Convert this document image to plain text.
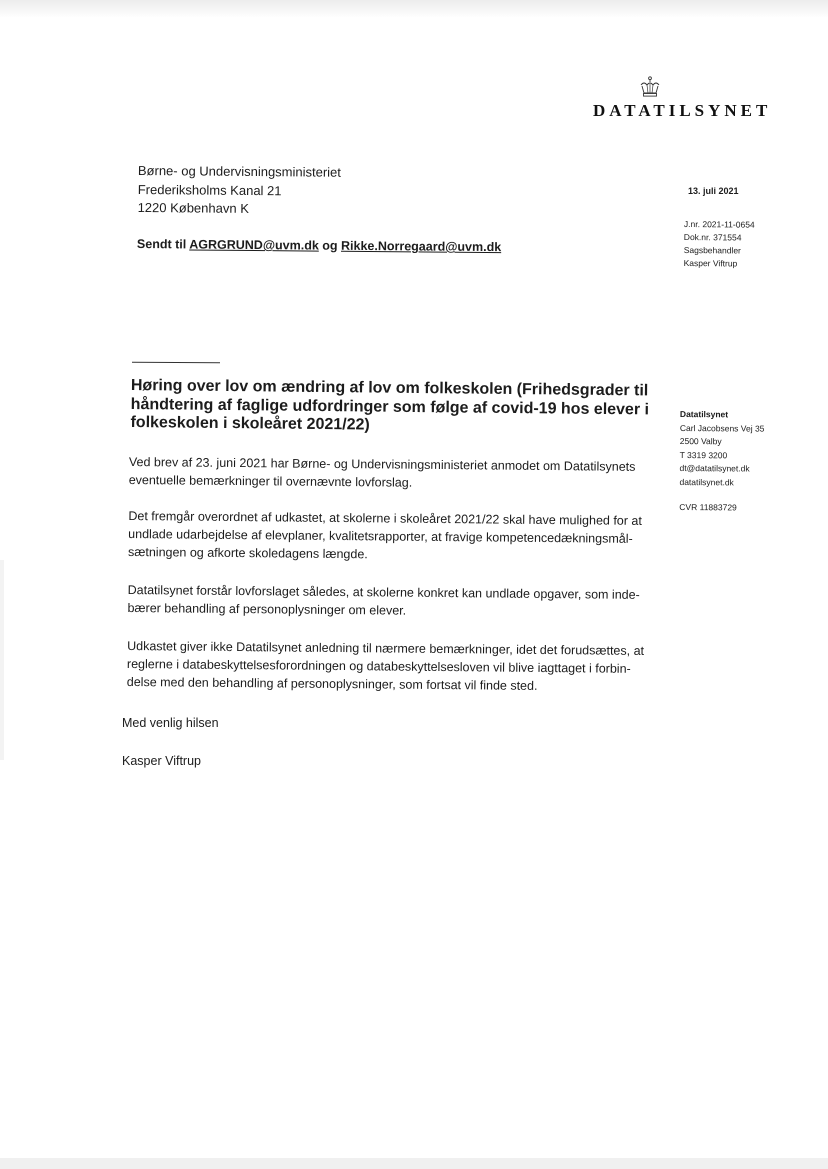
DATATILSYNET
Børne- og Undervisningsministeriet
Frederiksholms Kanal 21
1220 København K
Sendt til AGRGRUND@uvm.dk og Rikke.Norregaard@uvm.dk
13. juli 2021
J.nr. 2021-11-0654
Dok.nr. 371554
Sagsbehandler
Kasper Viftrup
Høring over lov om ændring af lov om folkeskolen (Frihedsgrader til håndtering af faglige udfordringer som følge af covid-19 hos elever i folkeskolen i skoleåret 2021/22)	Datatilsynet
Carl Jacobsens Vej 35
2500 Valby
T 3319 3200
dt@datatilsynet.dk
datatilsynet.dk
CVR 11883729

Ved brev af 23. juni 2021 har Børne- og Undervisningsministeriet anmodet om Datatilsynets eventuelle bemærkninger til overnævnte lovforslag.

Det fremgår overordnet af udkastet, at skolerne i skoleåret 2021/22 skal have mulighed for at undlade udarbejdelse af elevplaner, kvalitetsrapporter, at fravige kompetencedækningsmål-sætningen og afkorte skoledagens længde.

Datatilsynet forstår lovforslaget således, at skolerne konkret kan undlade opgaver, som inde-bærer behandling af personoplysninger om elever.

Udkastet giver ikke Datatilsynet anledning til nærmere bemærkninger, idet det forudsættes, at reglerne i databeskyttelsesforordningen og databeskyttelsesloven vil blive iagttaget i forbin-delse med den behandling af personoplysninger, som fortsat vil finde sted.

Med venlig hilsen
Kasper Viftrup
